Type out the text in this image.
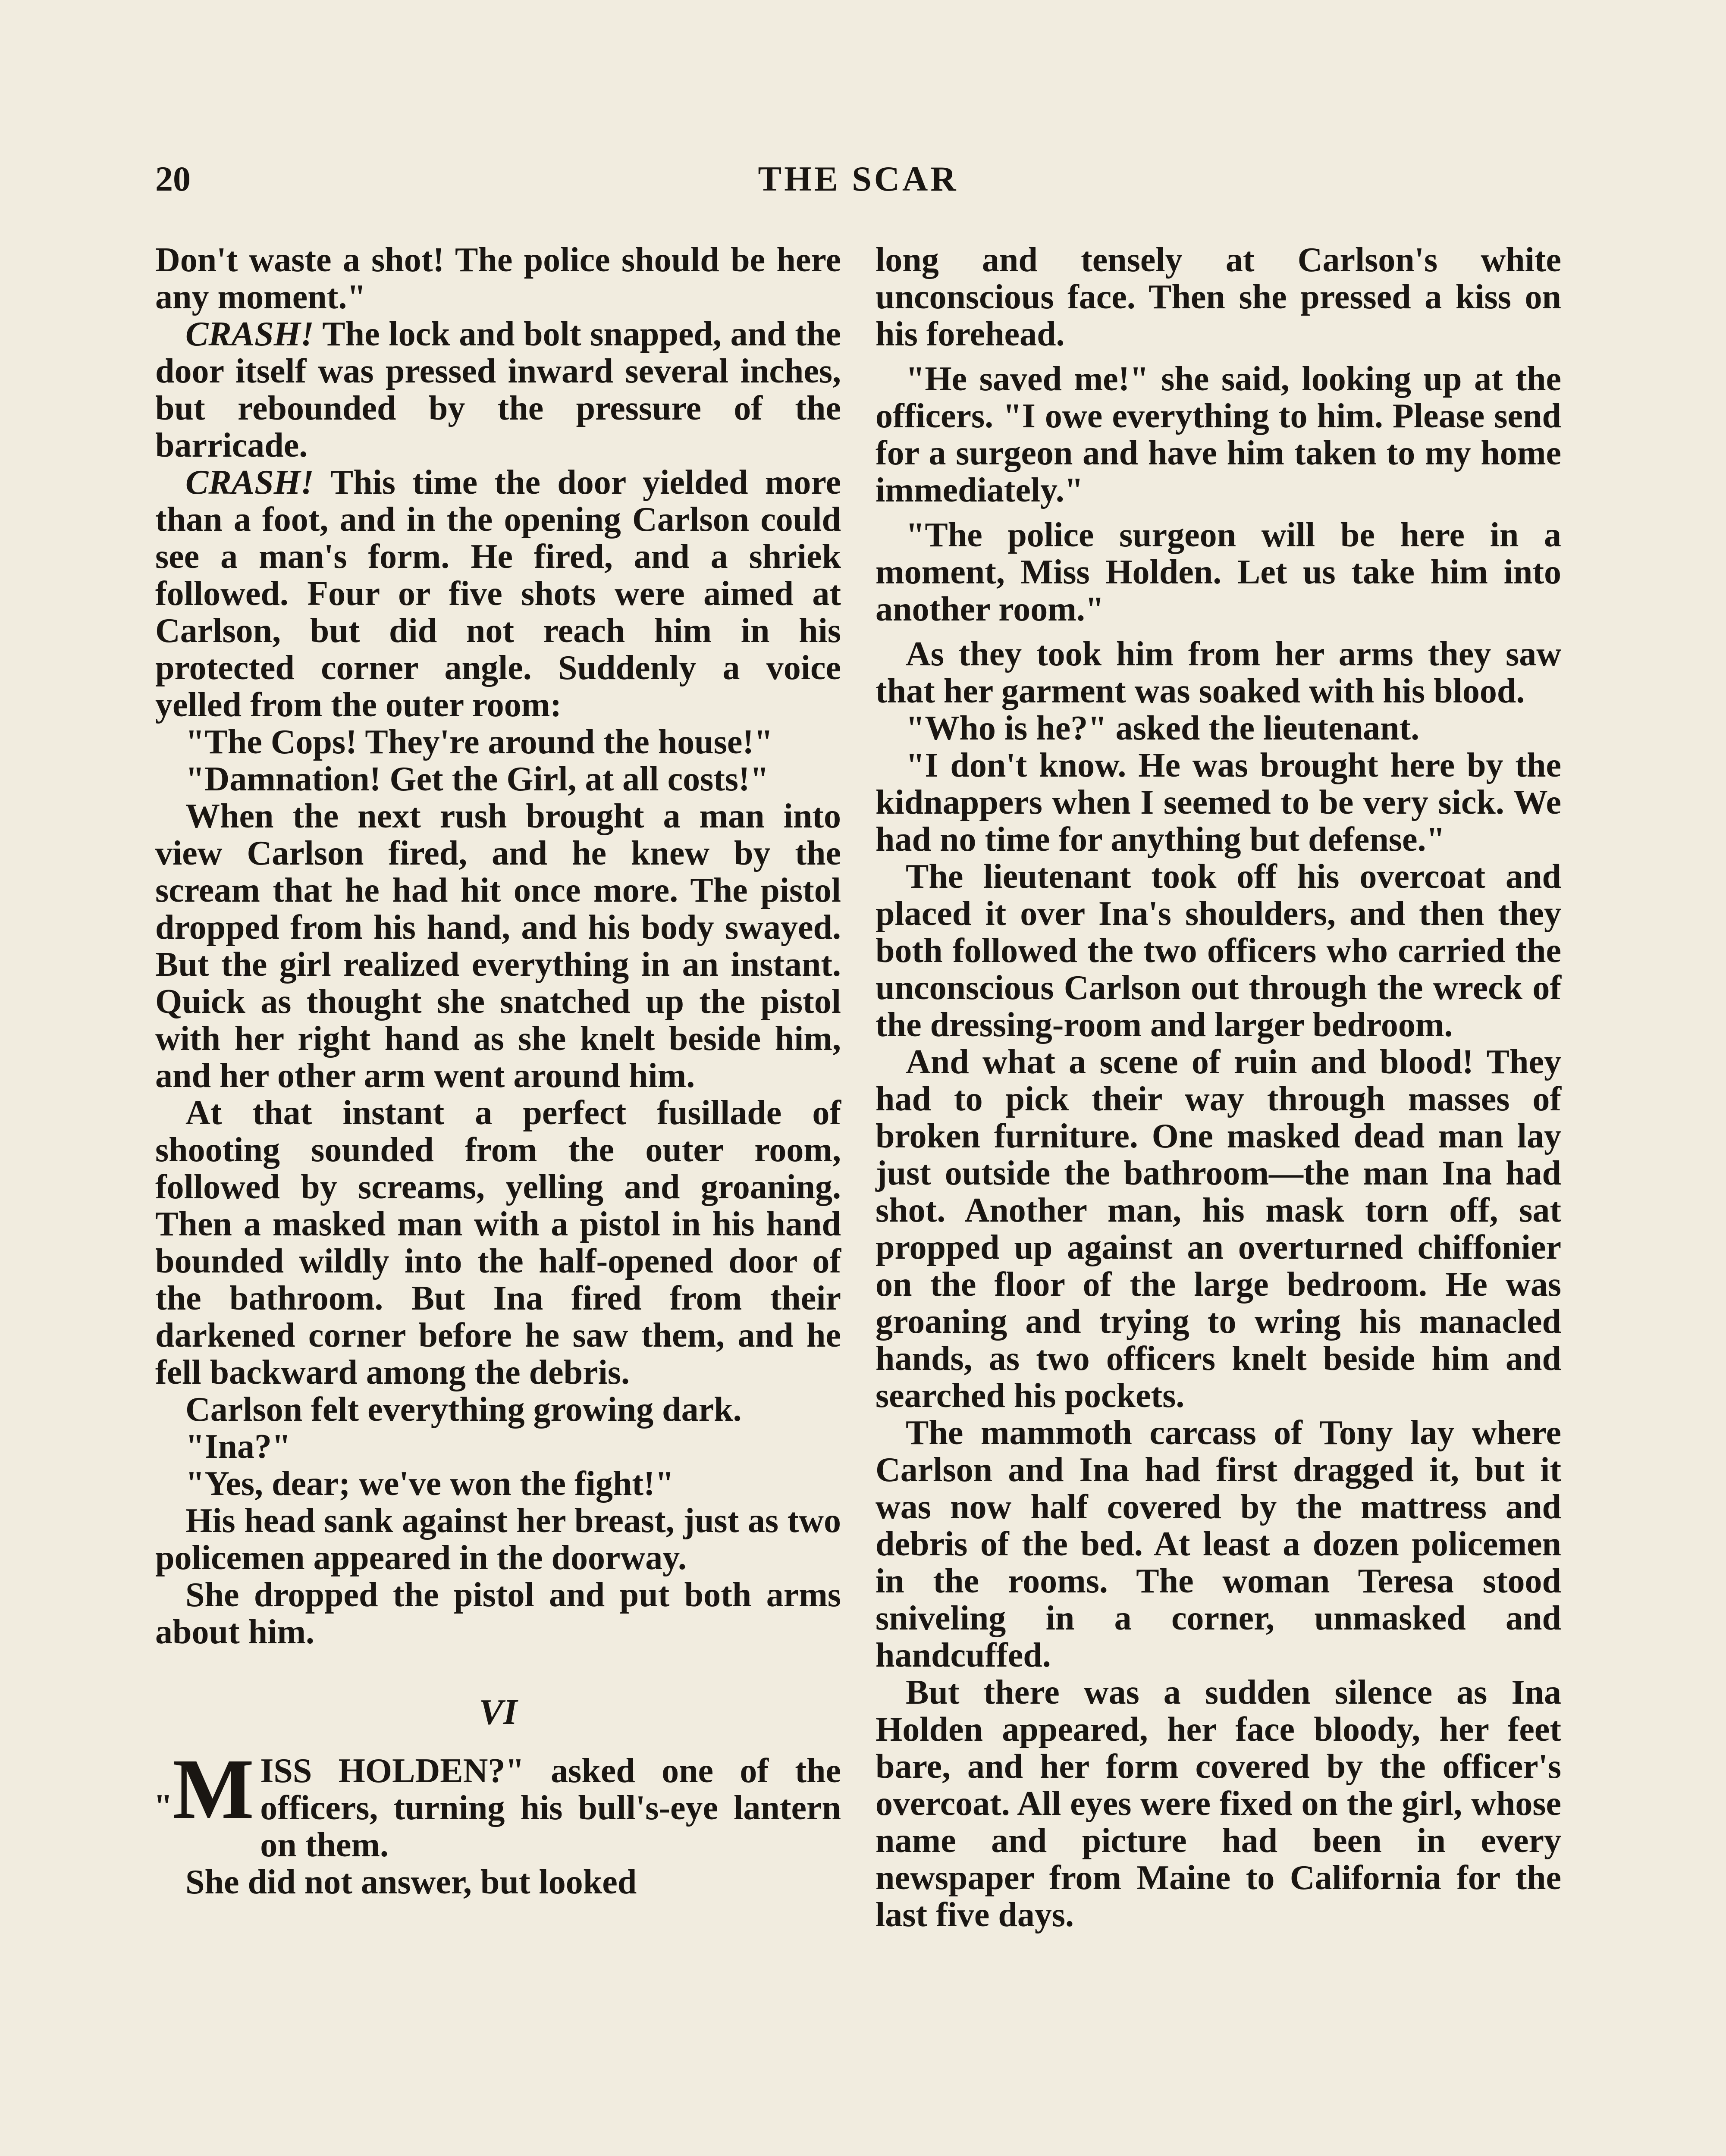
20	THE SCAR

Don't waste a shot! The police should be here any moment."

CRASH! The lock and bolt snapped, and the door itself was pressed inward several inches, but rebounded by the pressure of the barricade.

CRASH! This time the door yielded more than a foot, and in the opening Carlson could see a man's form. He fired, and a shriek followed. Four or five shots were aimed at Carlson, but did not reach him in his protected corner angle. Suddenly a voice yelled from the outer room:

"The Cops! They're around the house!"

"Damnation! Get the Girl, at all costs!"

When the next rush brought a man into view Carlson fired, and he knew by the scream that he had hit once more. The pistol dropped from his hand, and his body swayed. But the girl realized everything in an instant. Quick as thought she snatched up the pistol with her right hand as she knelt beside him, and her other arm went around him.

At that instant a perfect fusillade of shooting sounded from the outer room, followed by screams, yelling and groaning. Then a masked man with a pistol in his hand bounded wildly into the half-opened door of the bathroom. But Ina fired from their darkened corner before he saw them, and he fell backward among the debris.

Carlson felt everything growing dark.

"Ina?"

"Yes, dear; we've won the fight!"

His head sank against her breast, just as two policemen appeared in the doorway.

She dropped the pistol and put both arms about him.

VI

"M ISS HOLDEN?" asked one of the officers, turning his bull's-eye lantern on them.

She did not answer, but looked

long and tensely at Carlson's white unconscious face. Then she pressed a kiss on his forehead.

"He saved me!" she said, looking up at the officers. "I owe everything to him. Please send for a surgeon and have him taken to my home immediately."

"The police surgeon will be here in a moment, Miss Holden. Let us take him into another room."

As they took him from her arms they saw that her garment was soaked with his blood.

"Who is he?" asked the lieutenant.

"I don't know. He was brought here by the kidnappers when I seemed to be very sick. We had no time for anything but defense."

The lieutenant took off his overcoat and placed it over Ina's shoulders, and then they both followed the two officers who carried the unconscious Carlson out through the wreck of the dressing-room and larger bedroom.

And what a scene of ruin and blood! They had to pick their way through masses of broken furniture. One masked dead man lay just outside the bathroom—the man Ina had shot. Another man, his mask torn off, sat propped up against an overturned chiffonier on the floor of the large bedroom. He was groaning and trying to wring his manacled hands, as two officers knelt beside him and searched his pockets.

The mammoth carcass of Tony lay where Carlson and Ina had first dragged it, but it was now half covered by the mattress and debris of the bed. At least a dozen policemen in the rooms. The woman Teresa stood sniveling in a corner, unmasked and handcuffed.

But there was a sudden silence as Ina Holden appeared, her face bloody, her feet bare, and her form covered by the officer's overcoat. All eyes were fixed on the girl, whose name and picture had been in every newspaper from Maine to California for the last five days.
